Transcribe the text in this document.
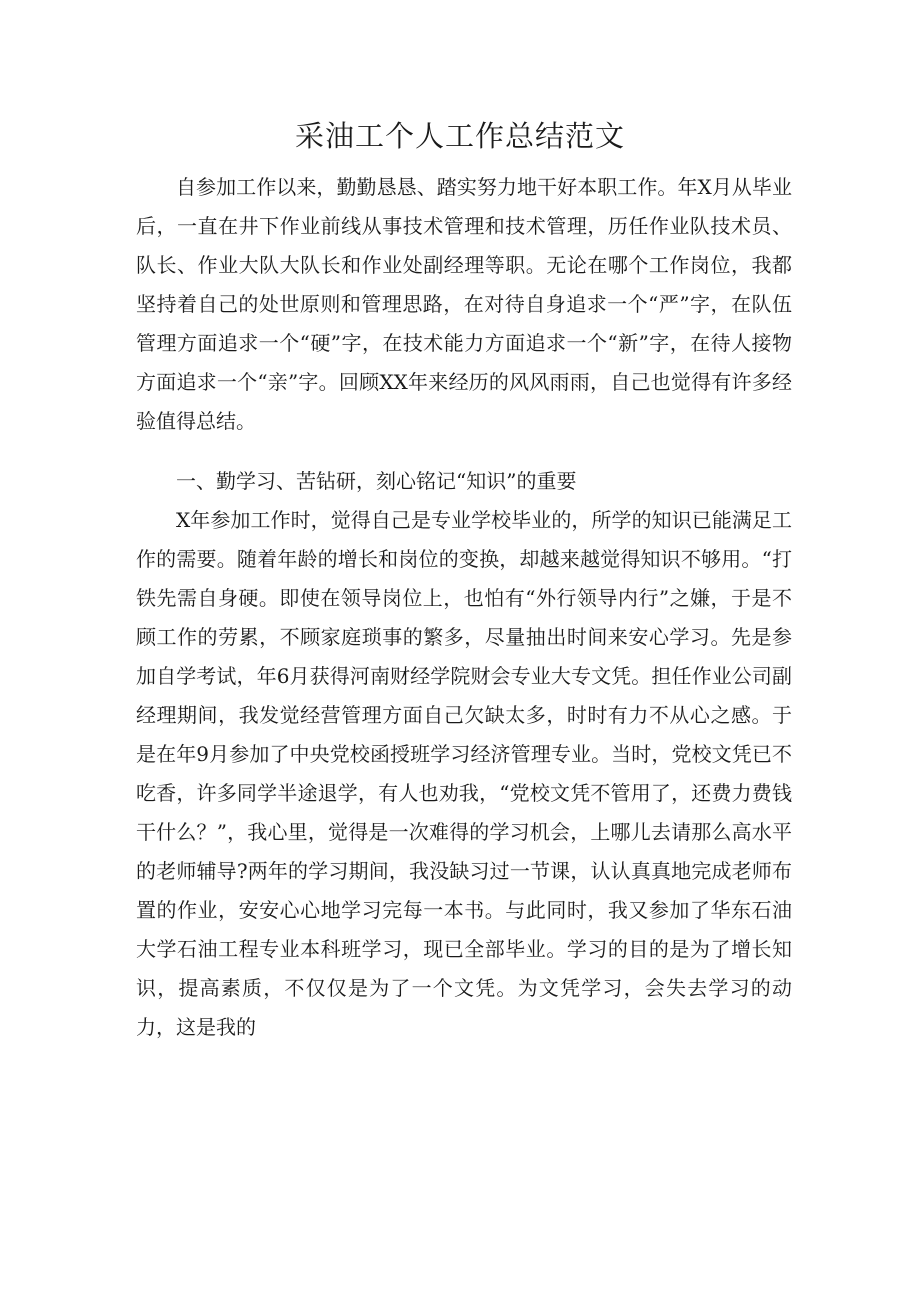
采油工个人工作总结范文

自参加工作以来，勤勤恳恳、踏实努力地干好本职工作。年X月从毕业后，一直在井下作业前线从事技术管理和技术管理，历任作业队技术员、队长、作业大队大队长和作业处副经理等职。无论在哪个工作岗位，我都坚持着自己的处世原则和管理思路，在对待自身追求一个“严”字，在队伍管理方面追求一个“硬”字，在技术能力方面追求一个“新”字，在待人接物方面追求一个“亲”字。回顾XX年来经历的风风雨雨，自己也觉得有许多经验值得总结。

一、勤学习、苦钻研，刻心铭记“知识”的重要

X年参加工作时，觉得自己是专业学校毕业的，所学的知识已能满足工作的需要。随着年龄的增长和岗位的变换，却越来越觉得知识不够用。“打铁先需自身硬。即使在领导岗位上，也怕有“外行领导内行”之嫌，于是不顾工作的劳累，不顾家庭琐事的繁多，尽量抽出时间来安心学习。先是参加自学考试，年6月获得河南财经学院财会专业大专文凭。担任作业公司副经理期间，我发觉经营管理方面自己欠缺太多，时时有力不从心之感。于是在年9月参加了中央党校函授班学习经济管理专业。当时，党校文凭已不吃香，许多同学半途退学，有人也劝我，“党校文凭不管用了，还费力费钱干什么？”，我心里，觉得是一次难得的学习机会，上哪儿去请那么高水平的老师辅导?两年的学习期间，我没缺习过一节课，认认真真地完成老师布置的作业，安安心心地学习完每一本书。与此同时，我又参加了华东石油大学石油工程专业本科班学习，现已全部毕业。学习的目的是为了增长知识，提高素质，不仅仅是为了一个文凭。为文凭学习，会失去学习的动力，这是我的
